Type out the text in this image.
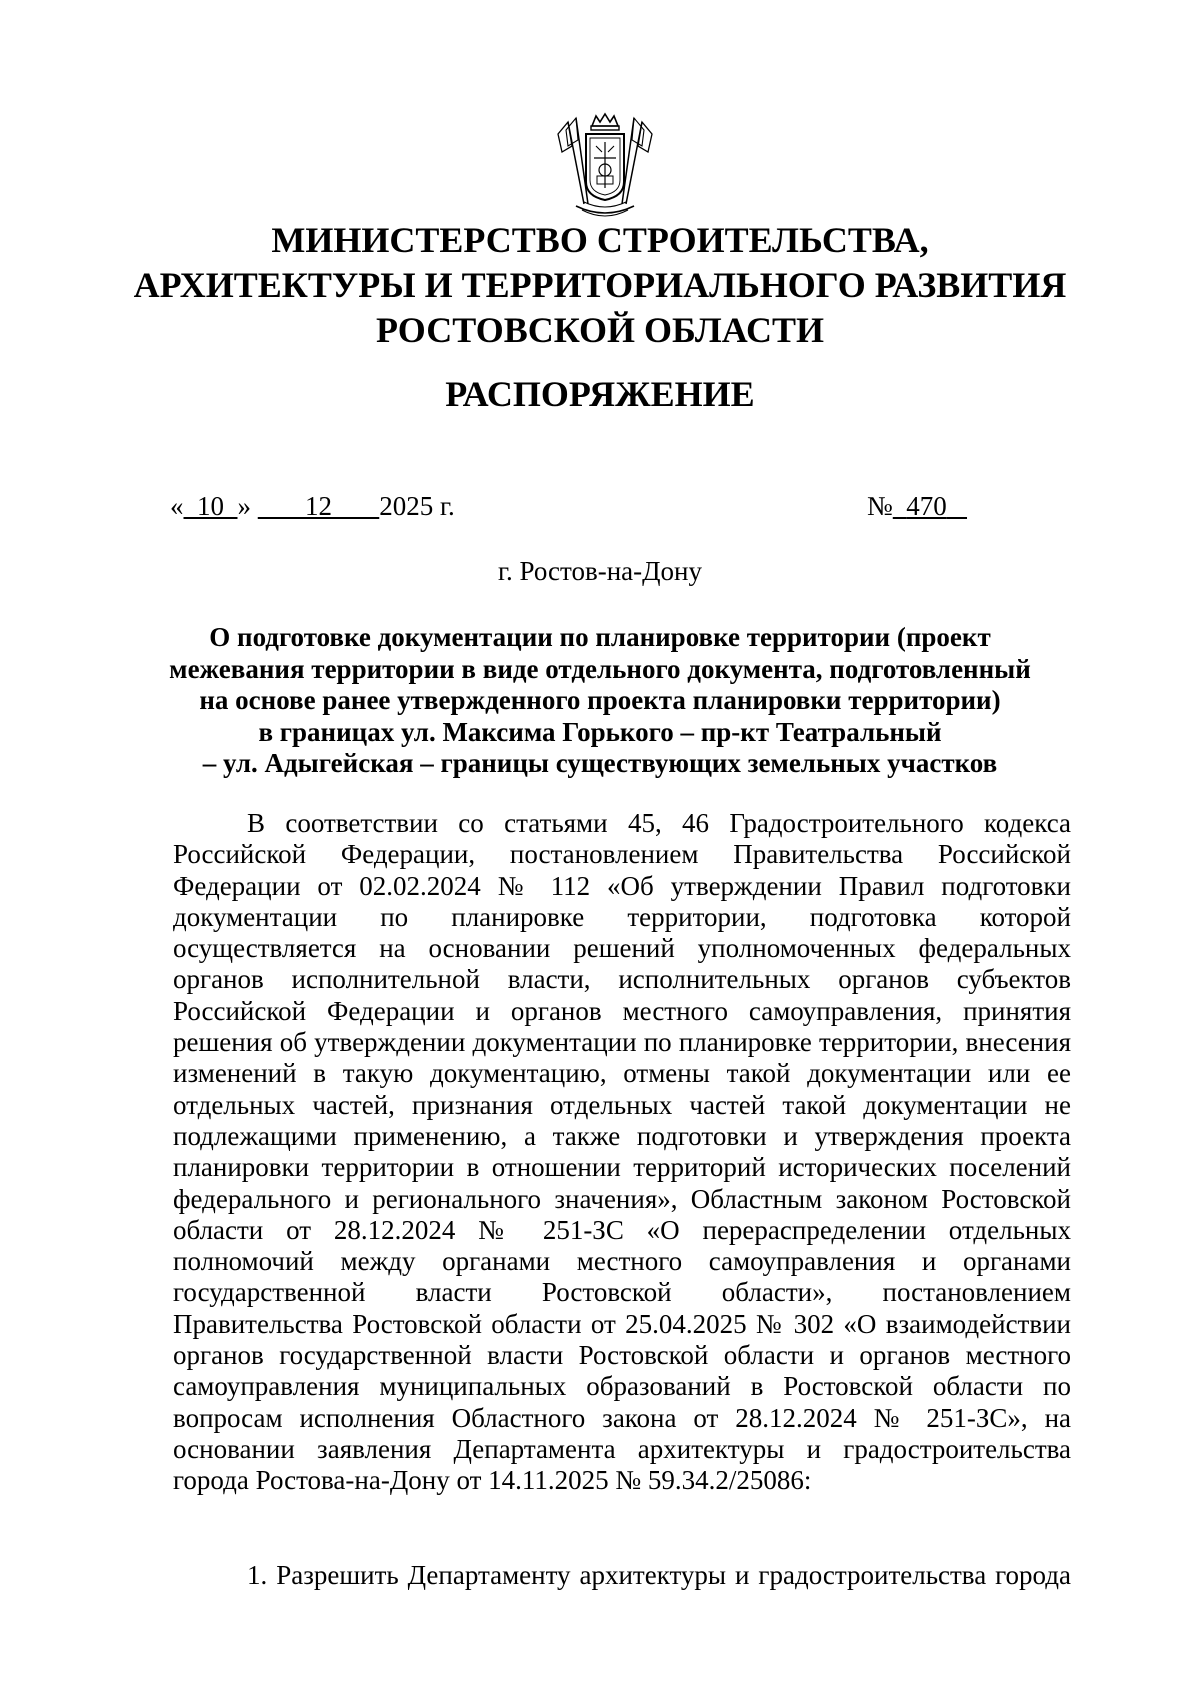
МИНИСТЕРСТВО СТРОИТЕЛЬСТВА,
АРХИТЕКТУРЫ И ТЕРРИТОРИАЛЬНОГО РАЗВИТИЯ
РОСТОВСКОЙ ОБЛАСТИ
РАСПОРЯЖЕНИЕ
« 10 » 12 2025 г.	№ 470
г. Ростов-на-Дону
О подготовке документации по планировке территории (проект
межевания территории в виде отдельного документа, подготовленный
на основе ранее утвержденного проекта планировки территории)
в границах ул. Максима Горького – пр-кт Театральный
– ул. Адыгейская – границы существующих земельных участков

В соответствии со статьями 45, 46 Градостроительного кодекса Российской Федерации, постановлением Правительства Российской Федерации от 02.02.2024 № 112 «Об утверждении Правил подготовки документации по планировке территории, подготовка которой осуществляется на основании решений уполномоченных федеральных органов исполнительной власти, исполнительных органов субъектов Российской Федерации и органов местного самоуправления, принятия решения об утверждении документации по планировке территории, внесения изменений в такую документацию, отмены такой документации или ее отдельных частей, признания отдельных частей такой документации не подлежащими применению, а также подготовки и утверждения проекта планировки территории в отношении территорий исторических поселений федерального и регионального значения», Областным законом Ростовской области от 28.12.2024 № 251-ЗС «О перераспределении отдельных полномочий между органами местного самоуправления и органами государственной власти Ростовской области», постановлением Правительства Ростовской области от 25.04.2025 № 302 «О взаимодействии органов государственной власти Ростовской области и органов местного самоуправления муниципальных образований в Ростовской области по вопросам исполнения Областного закона от 28.12.2024 № 251-ЗС», на основании заявления Департамента архитектуры и градостроительства города Ростова-на-Дону от 14.11.2025 № 59.34.2/25086:

1. Разрешить Департаменту архитектуры и градостроительства города
